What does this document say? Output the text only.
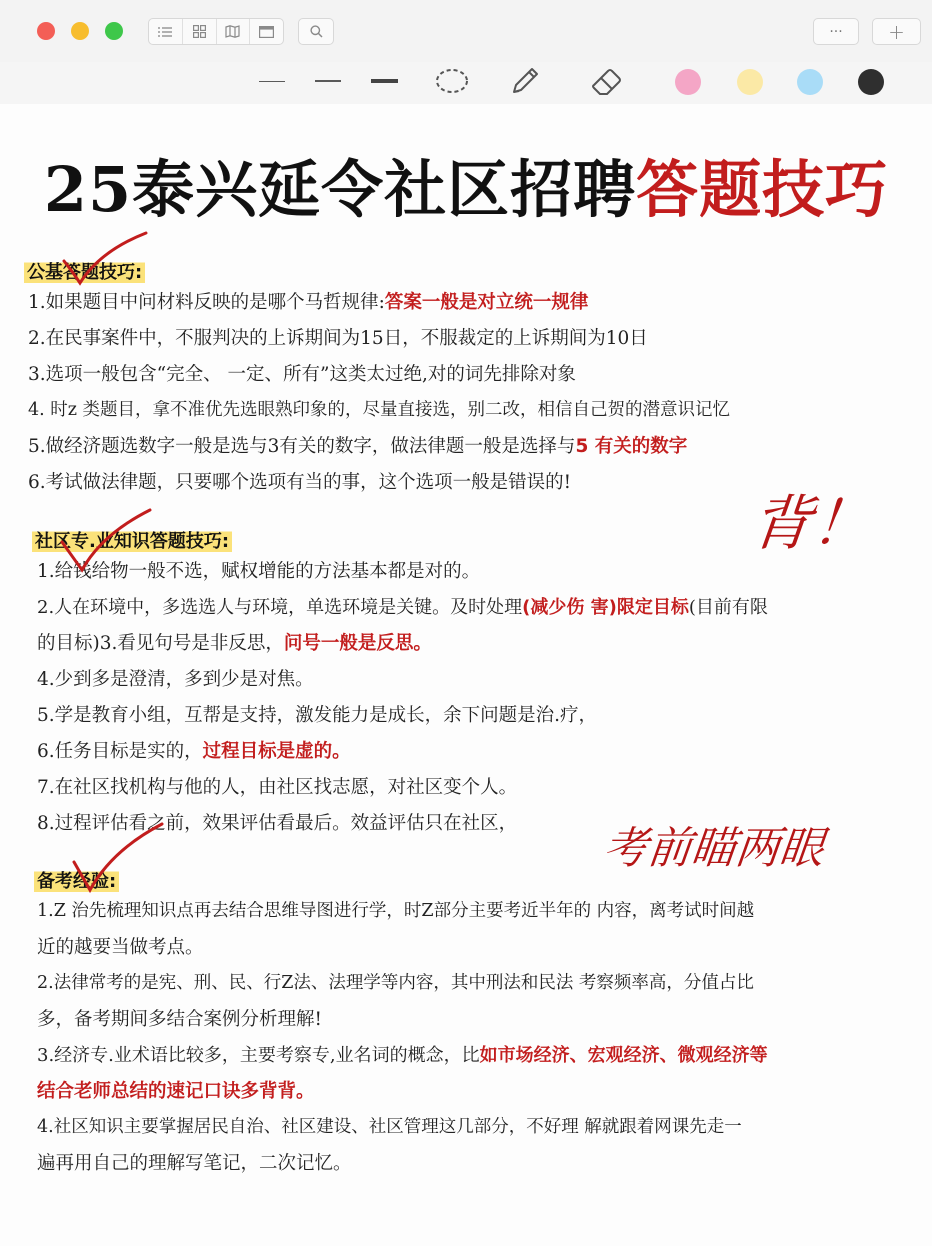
···	+
25泰兴延令社区招聘答题技巧
公基答题技巧:
1.如果题目中问材料反映的是哪个马哲规律:答案一般是对立统一规律
2.在民事案件中，不服判决的上诉期间为15日，不服裁定的上诉期间为10日
3.选项一般包含“完全、 一定、所有”这类太过绝,对的词先排除对象
4. 时z 类题目，拿不准优先选眼熟印象的，尽量直接选，别二改，相信自己贺的潜意识记忆
5.做经济题选数字一般是选与3有关的数字，做法律题一般是选择与5 有关的数字
6.考试做法律题，只要哪个选项有当的事，这个选项一般是错误的!
社区专.业知识答题技巧:
1.给钱给物一般不选，赋权增能的方法基本都是对的。
2.人在环境中，多选选人与环境，单选环境是关键。及时处理(减少伤 害)限定目标(目前有限
的目标)3.看见句号是非反思，问号一般是反思。
4.少到多是澄清，多到少是对焦。
5.学是教育小组，互帮是支持，激发能力是成长，余下问题是治.疗，
6.任务目标是实的，过程目标是虚的。
7.在社区找机构与他的人，由社区找志愿，对社区变个人。
8.过程评估看之前，效果评估看最后。效益评估只在社区，
备考经验:
1.Z 治先梳理知识点再去结合思维导图进行学，时Z部分主要考近半年的 内容，离考试时间越
近的越要当做考点。
2.法律常考的是宪、刑、民、行Z法、法理学等内容，其中刑法和民法 考察频率高，分值占比
多，备考期间多结合案例分析理解!
3.经济专.业术语比较多，主要考察专,业名词的概念，比如市场经济、宏观经济、微观经济等
结合老师总结的速记口诀多背背。
4.社区知识主要掌握居民自治、社区建设、社区管理这几部分，不好理 解就跟着网课先走一
遍再用自己的理解写笔记，二次记忆。
背！
考前瞄两眼
